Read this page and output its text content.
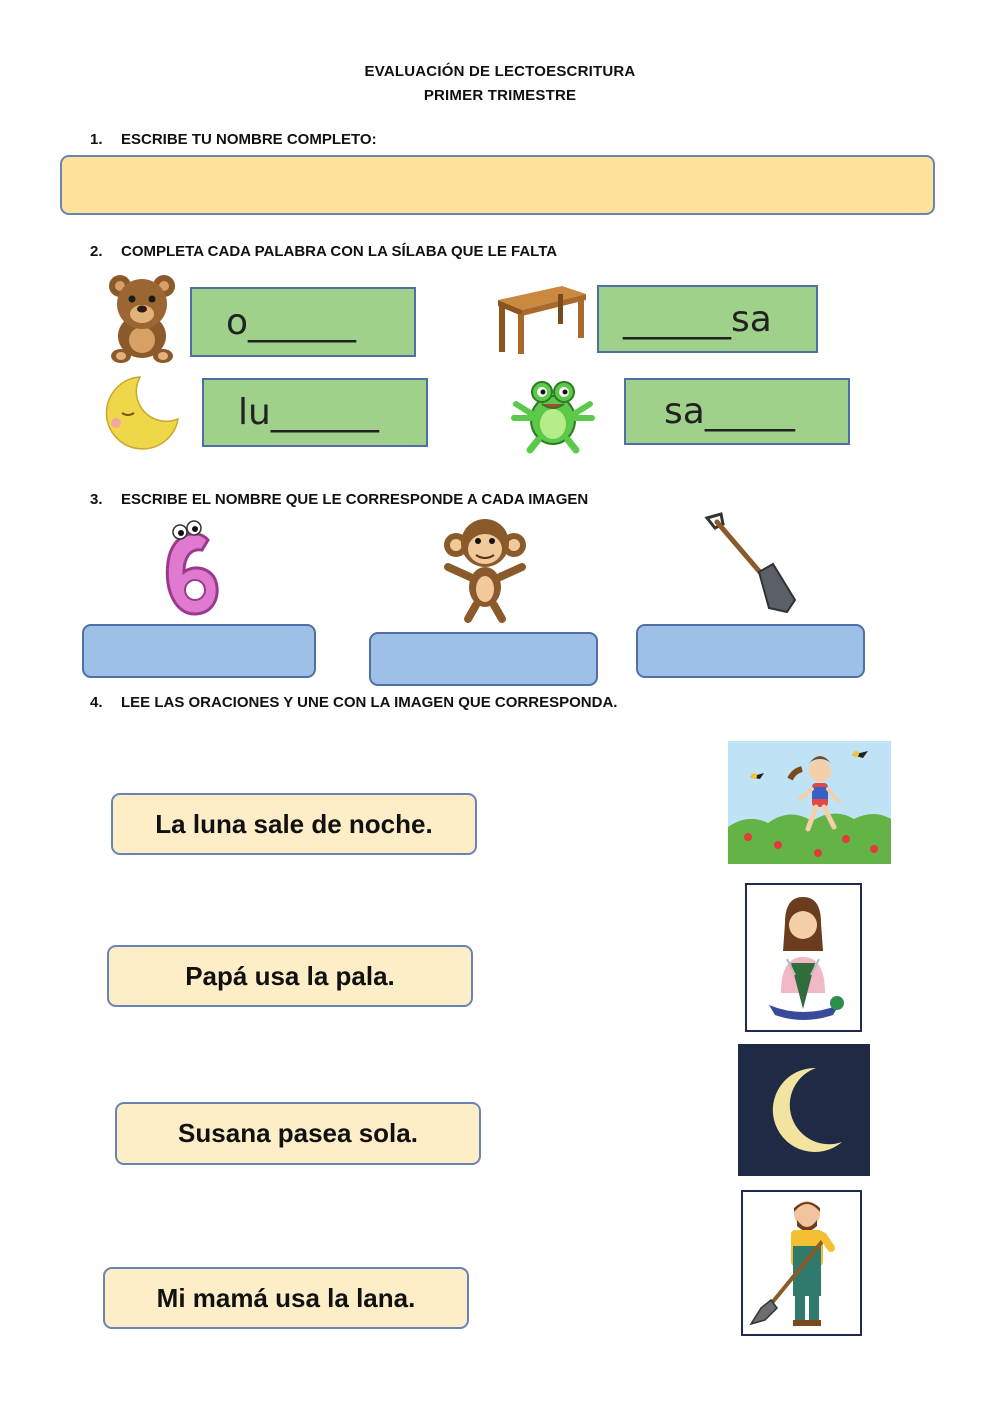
EVALUACIÓN DE LECTOESCRITURA
PRIMER TRIMESTRE
1. ESCRIBE TU NOMBRE COMPLETO:
2. COMPLETA CADA PALABRA CON LA SÍLABA QUE LE FALTA
o______	______sa
lu______	sa_____
3. ESCRIBE EL NOMBRE QUE LE CORRESPONDE A CADA IMAGEN
4. LEE LAS ORACIONES Y UNE CON LA IMAGEN QUE CORRESPONDA.
La luna sale de noche.
Papá usa la pala.
Susana pasea sola.
Mi mamá usa la lana.
